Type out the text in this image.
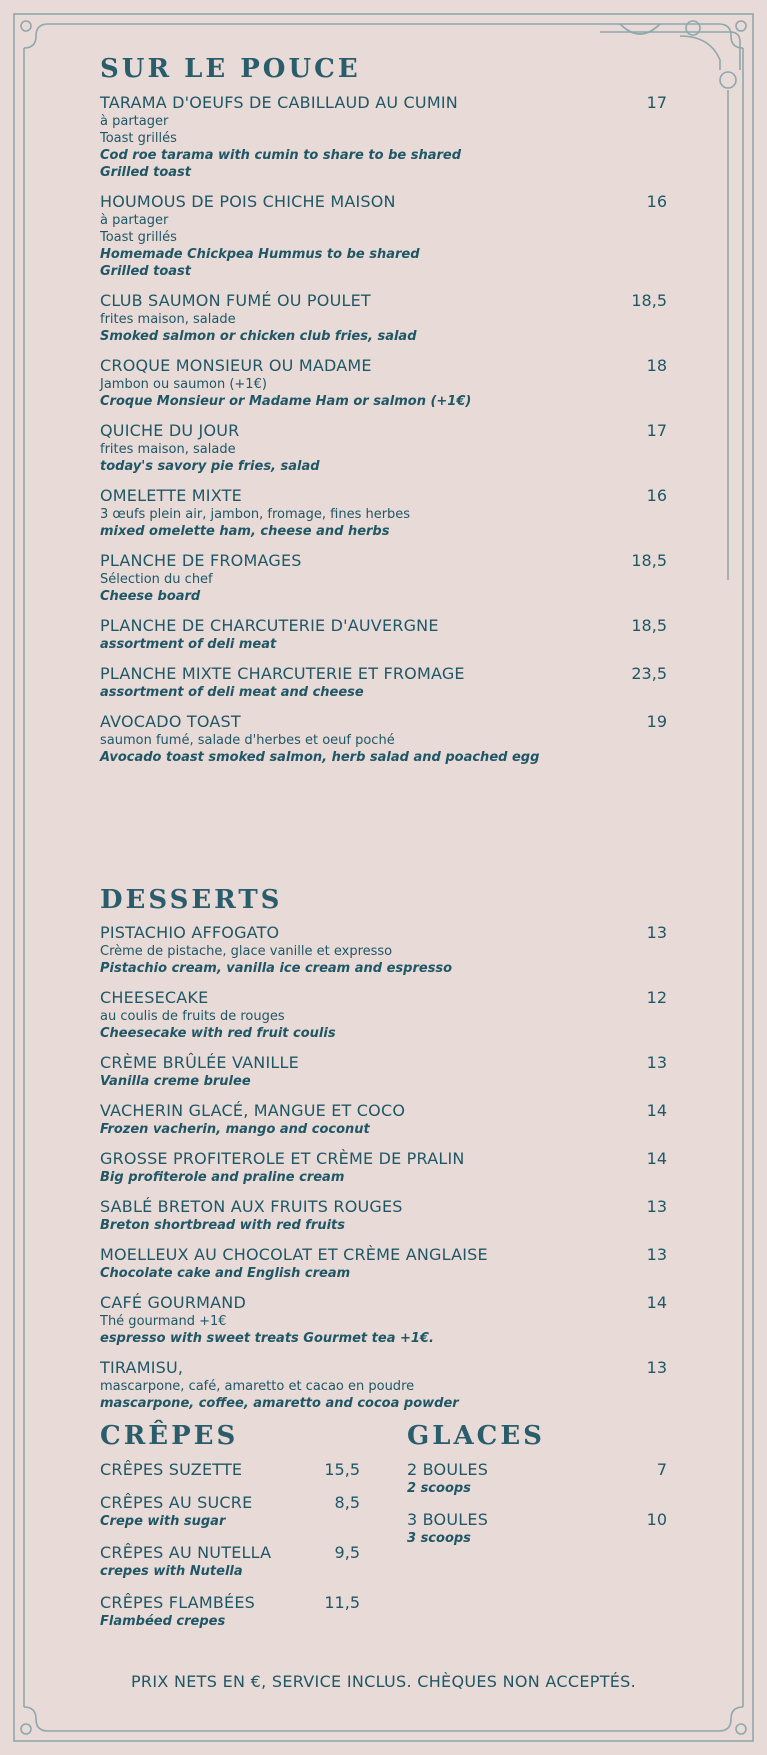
SUR LE POUCE
TARAMA D'OEUFS DE CABILLAUD AU CUMIN	17
à partager
Toast grillés
Cod roe tarama with cumin to share to be shared
Grilled toast
HOUMOUS DE POIS CHICHE MAISON	16
à partager
Toast grillés
Homemade Chickpea Hummus to be shared
Grilled toast
CLUB SAUMON FUMÉ OU POULET	18,5
frites maison, salade
Smoked salmon or chicken club fries, salad
CROQUE MONSIEUR OU MADAME	18
Jambon ou saumon (+1€)
Croque Monsieur or Madame Ham or salmon (+1€)
QUICHE DU JOUR	17
frites maison, salade
today's savory pie fries, salad
OMELETTE MIXTE	16
3 œufs plein air, jambon, fromage, fines herbes
mixed omelette ham, cheese and herbs
PLANCHE DE FROMAGES	18,5
Sélection du chef
Cheese board
PLANCHE DE CHARCUTERIE D'AUVERGNE	18,5
assortment of deli meat
PLANCHE MIXTE CHARCUTERIE ET FROMAGE	23,5
assortment of deli meat and cheese
AVOCADO TOAST	19
saumon fumé, salade d'herbes et oeuf poché
Avocado toast smoked salmon, herb salad and poached egg
DESSERTS
PISTACHIO AFFOGATO	13
Crème de pistache, glace vanille et expresso
Pistachio cream, vanilla ice cream and espresso
CHEESECAKE	12
au coulis de fruits de rouges
Cheesecake with red fruit coulis
CRÈME BRÛLÉE VANILLE	13
Vanilla creme brulee
VACHERIN GLACÉ, MANGUE ET COCO	14
Frozen vacherin, mango and coconut
GROSSE PROFITEROLE ET CRÈME DE PRALIN	14
Big profiterole and praline cream
SABLÉ BRETON AUX FRUITS ROUGES	13
Breton shortbread with red fruits
MOELLEUX AU CHOCOLAT ET CRÈME ANGLAISE	13
Chocolate cake and English cream
CAFÉ GOURMAND	14
Thé gourmand +1€
espresso with sweet treats Gourmet tea +1€.
TIRAMISU,	13
mascarpone, café, amaretto et cacao en poudre
mascarpone, coffee, amaretto and cocoa powder
CRÊPES
CRÊPES SUZETTE	15,5
CRÊPES AU SUCRE	8,5
Crepe with sugar
CRÊPES AU NUTELLA	9,5
crepes with Nutella
CRÊPES FLAMBÉES	11,5
Flambéed crepes
GLACES
2 BOULES	7
2 scoops
3 BOULES	10
3 scoops
PRIX NETS EN €, SERVICE INCLUS. CHÈQUES NON ACCEPTÉS.
